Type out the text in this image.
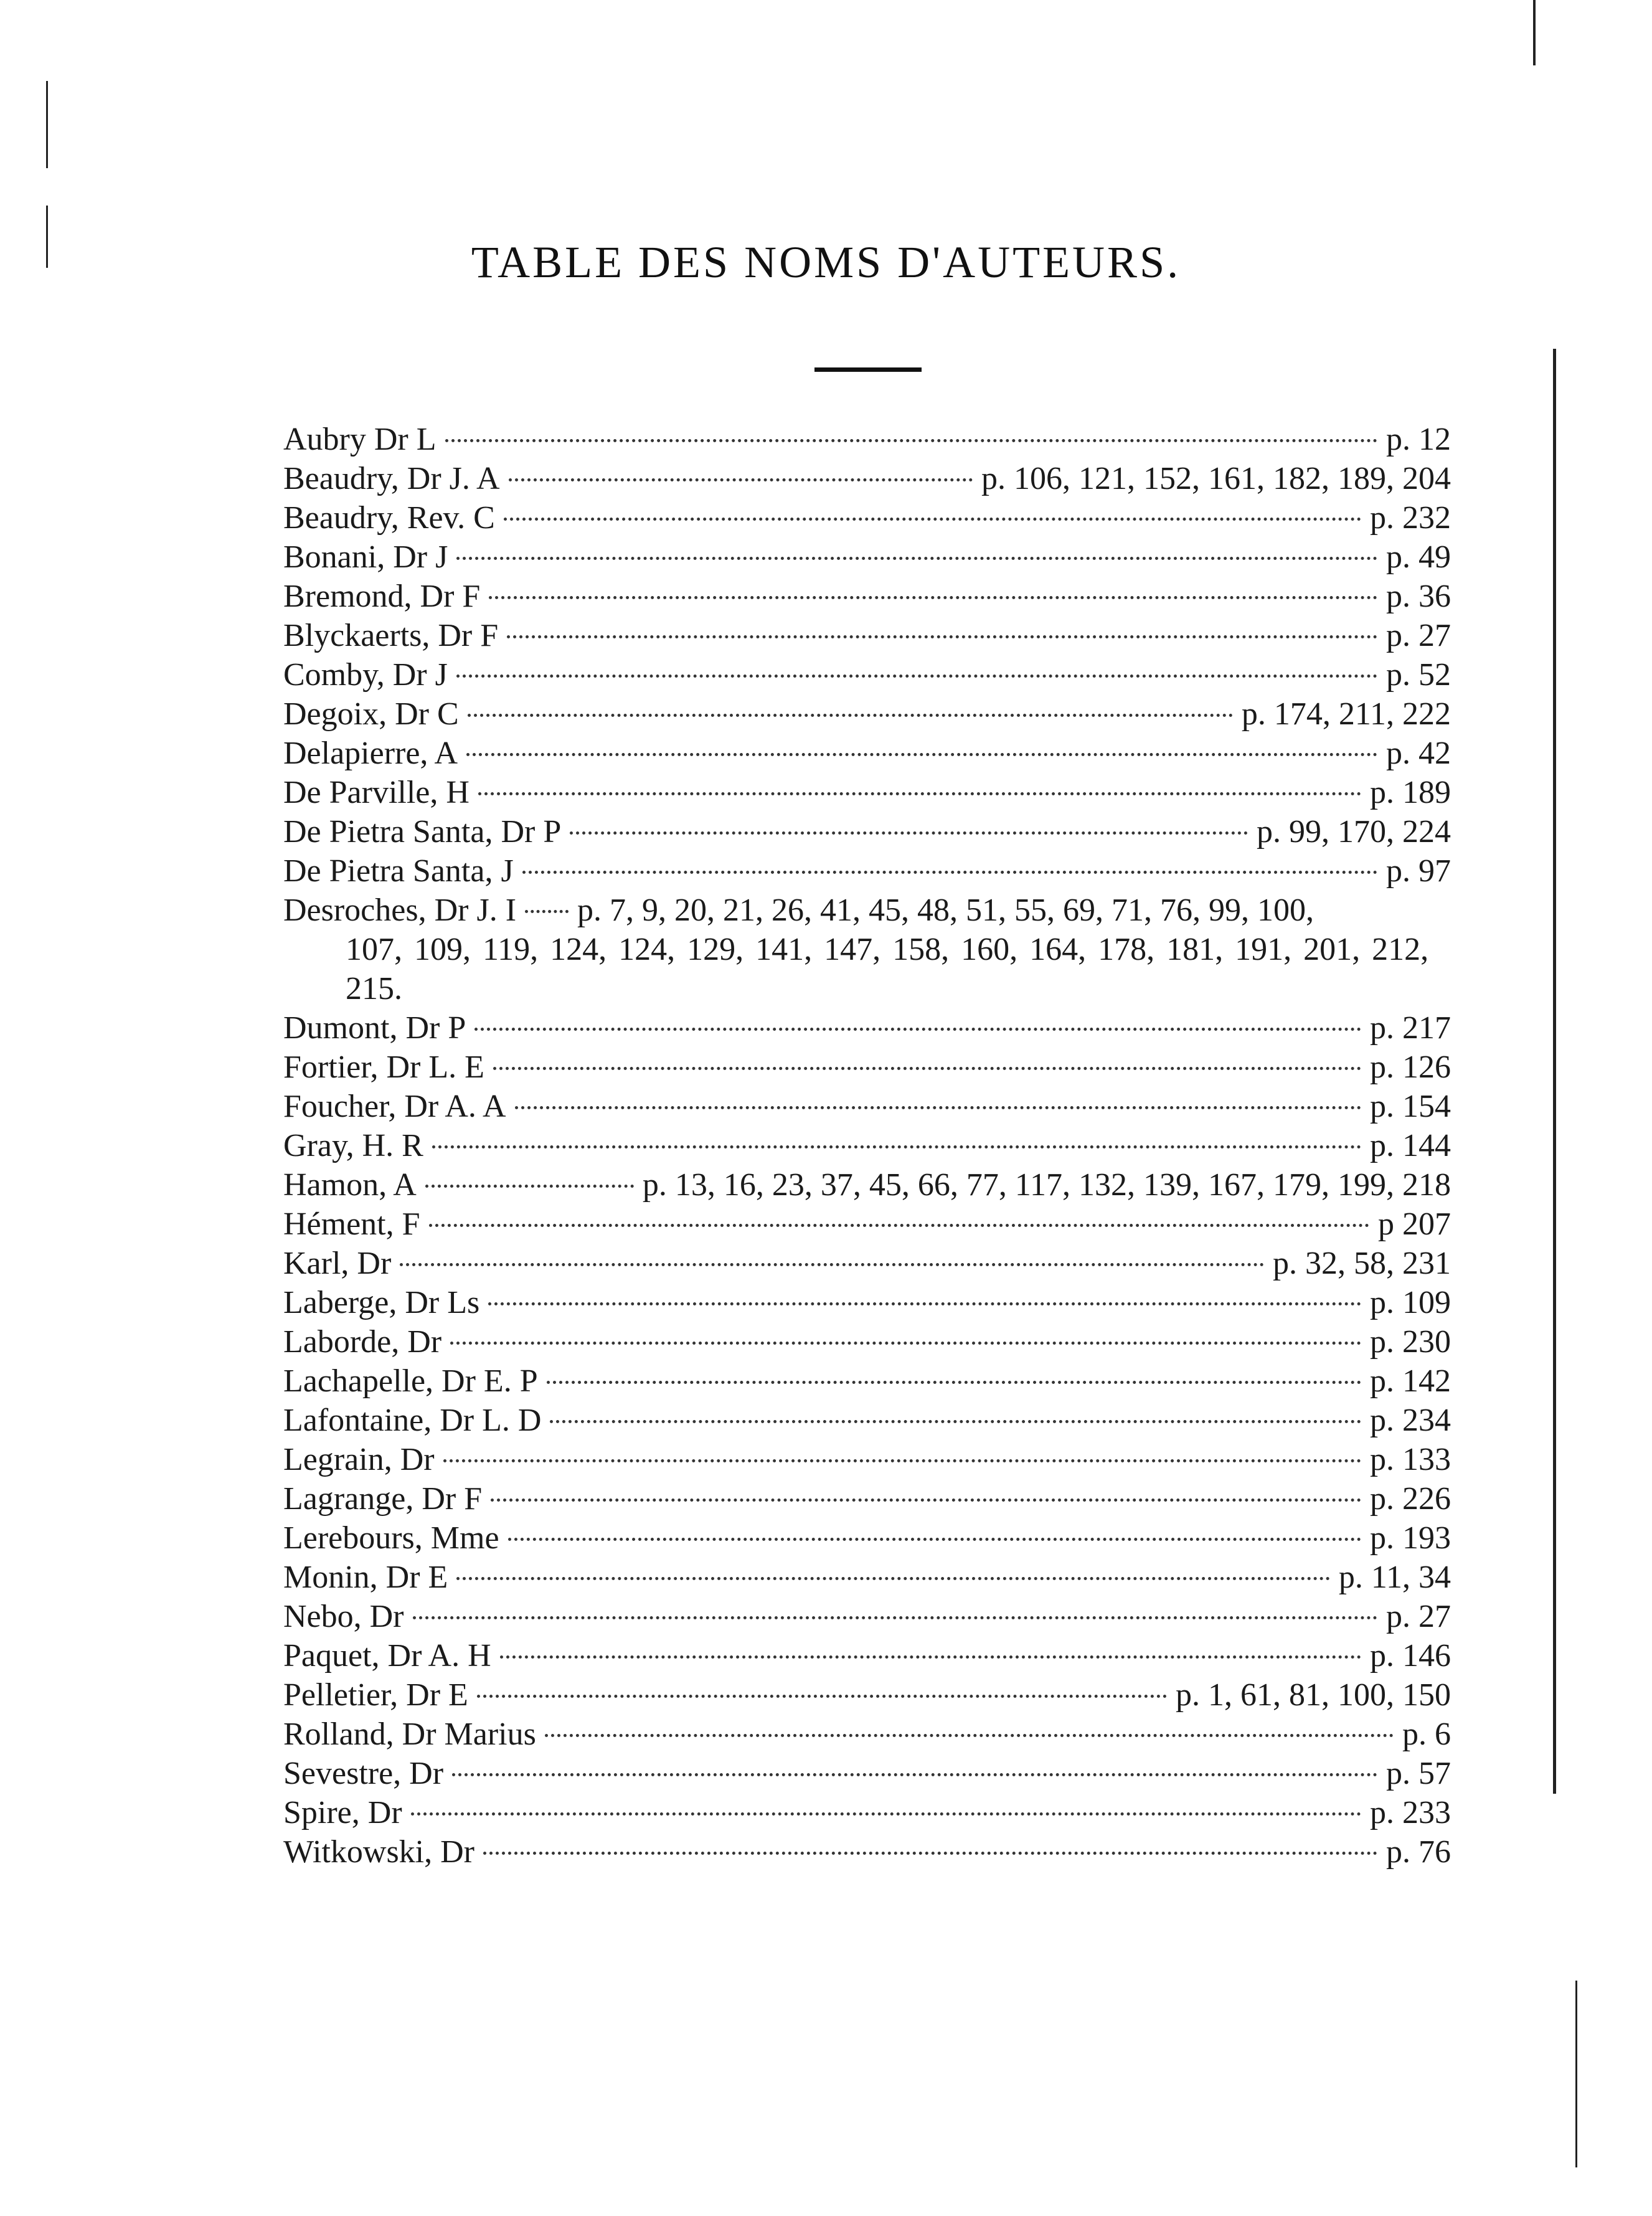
TABLE DES NOMS D'AUTEURS.
Aubry Dr L	p. 12
Beaudry, Dr J. A	p. 106, 121, 152, 161, 182, 189, 204
Beaudry, Rev. C	p. 232
Bonani, Dr J	p. 49
Bremond, Dr F	p. 36
Blyckaerts, Dr F	p. 27
Comby, Dr J	p. 52
Degoix, Dr C	p. 174, 211, 222
Delapierre, A	p. 42
De Parville, H	p. 189
De Pietra Santa, Dr P	p. 99, 170, 224
De Pietra Santa, J	p. 97
Desroches, Dr J. I p. 7, 9, 20, 21, 26, 41, 45, 48, 51, 55, 69, 71, 76, 99, 100,
107, 109, 119, 124, 124, 129, 141, 147, 158, 160, 164, 178, 181, 191, 201, 212,
215.
Dumont, Dr P	p. 217
Fortier, Dr L. E	p. 126
Foucher, Dr A. A	p. 154
Gray, H. R	p. 144
Hamon, A	p. 13, 16, 23, 37, 45, 66, 77, 117, 132, 139, 167, 179, 199, 218
Hément, F	p 207
Karl, Dr	p. 32, 58, 231
Laberge, Dr Ls	p. 109
Laborde, Dr	p. 230
Lachapelle, Dr E. P	p. 142
Lafontaine, Dr L. D	p. 234
Legrain, Dr	p. 133
Lagrange, Dr F	p. 226
Lerebours, Mme	p. 193
Monin, Dr E	p. 11, 34
Nebo, Dr	p. 27
Paquet, Dr A. H	p. 146
Pelletier, Dr E	p. 1, 61, 81, 100, 150
Rolland, Dr Marius	p. 6
Sevestre, Dr	p. 57
Spire, Dr	p. 233
Witkowski, Dr	p. 76
